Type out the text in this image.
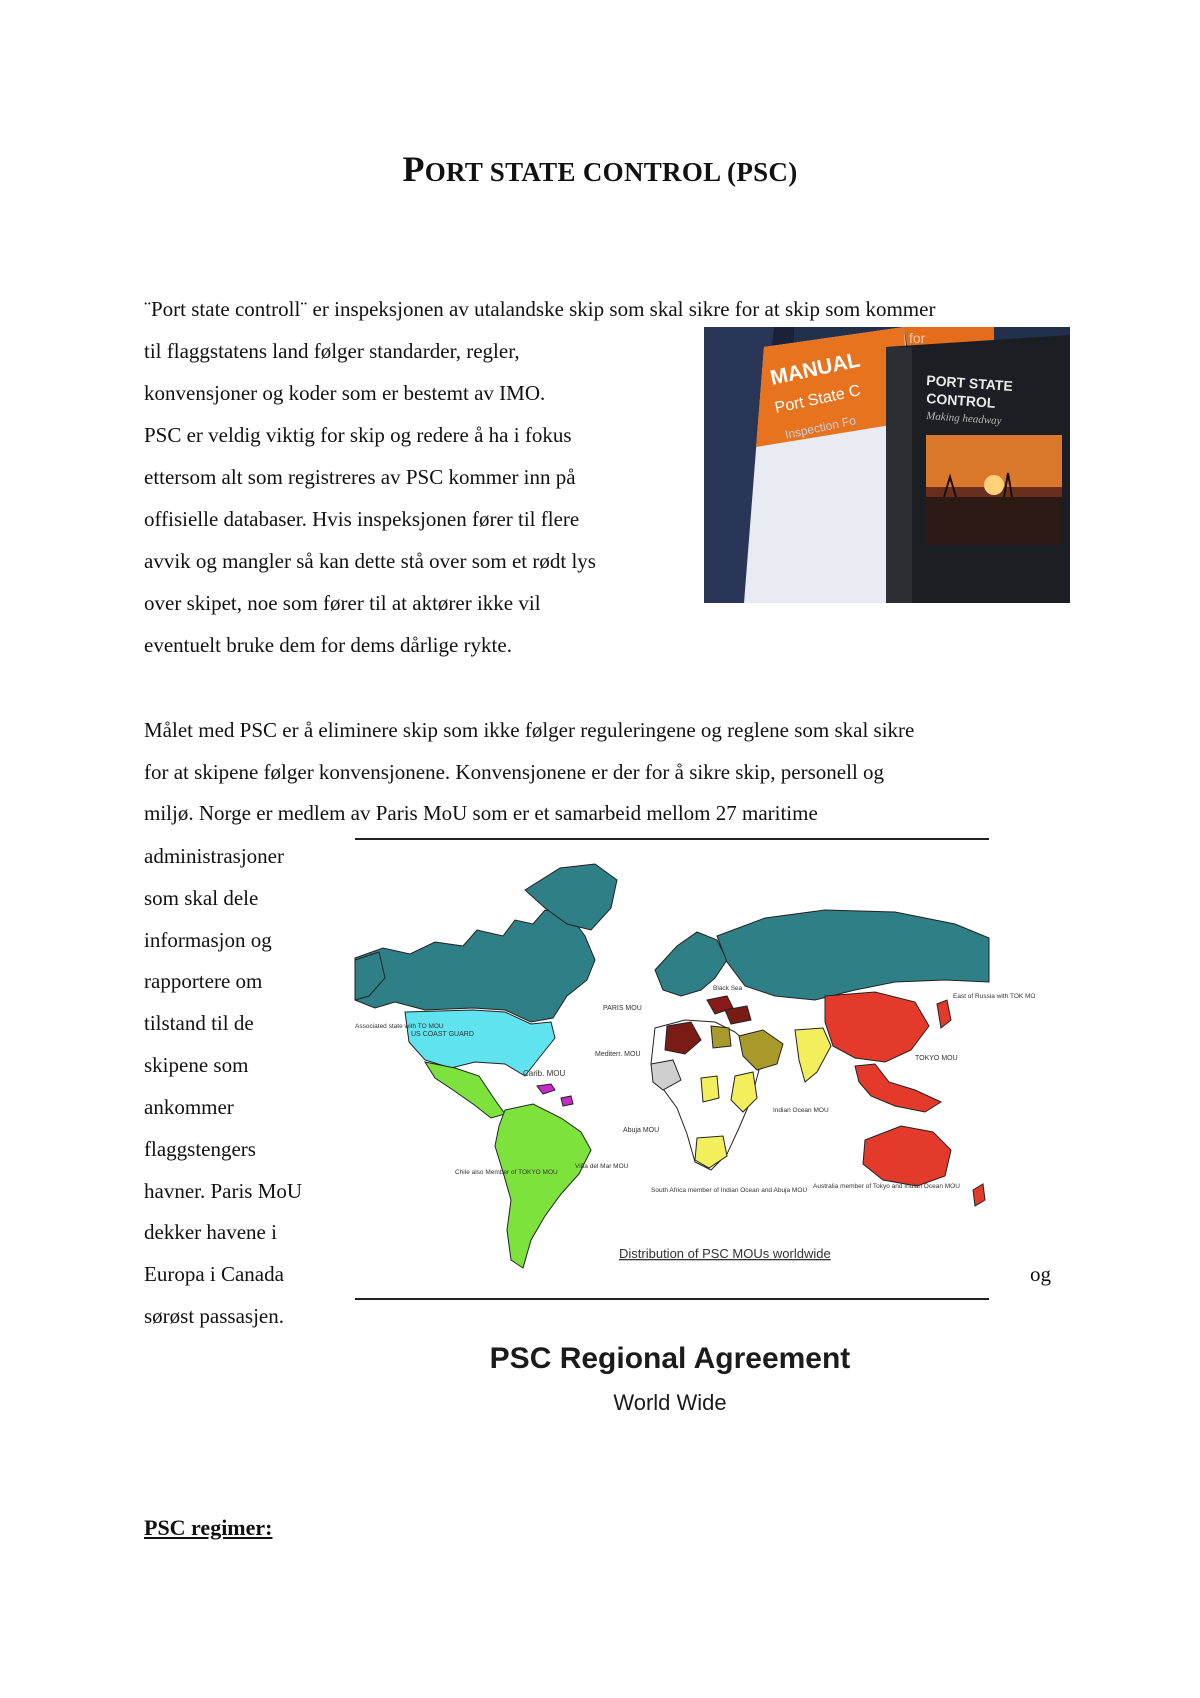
PORT STATE CONTROL (PSC)
¨Port state controll¨ er inspeksjonen av utalandske skip som skal sikre for at skip som kommer
til flaggstatens land følger standarder, regler,
konvensjoner og koder som er bestemt av IMO.
PSC er veldig viktig for skip og redere å ha i fokus
ettersom alt som registreres av PSC kommer inn på
offisielle databaser. Hvis inspeksjonen fører til flere
avvik og mangler så kan dette stå over som et rødt lys
over skipet, noe som fører til at aktører ikke vil
eventuelt bruke dem for dems dårlige rykte.
MANUAL
Port State C
Inspection Fo
for
PORT STATE
CONTROL
Making headway
Målet med PSC er å eliminere skip som ikke følger reguleringene og reglene som skal sikre
for at skipene følger konvensjonene. Konvensjonene er der for å sikre skip, personell og
miljø. Norge er medlem av Paris MoU som er et samarbeid mellom 27 maritime
administrasjoner
som skal dele
informasjon og
rapportere om
tilstand til de
skipene som
ankommer
flaggstengers
havner. Paris MoU
dekker havene i
Europa i Canada
sørøst passasjen.
og
PARIS MOU
US COAST GUARD
Carib. MOU
Mediterr. MOU
Abuja MOU
Indian Ocean MOU
TOKYO MOU
Viña del Mar MOU
Chile also Member of TOKYO MOU
South Africa member of Indian Ocean and Abuja MOU
Australia member of Tokyo and Indian Ocean MOU
Black Sea
Associated state with TO MOU
East of Russia with TOK MO
Distribution of PSC MOUs worldwide
PSC Regional Agreement
World Wide
PSC regimer:
